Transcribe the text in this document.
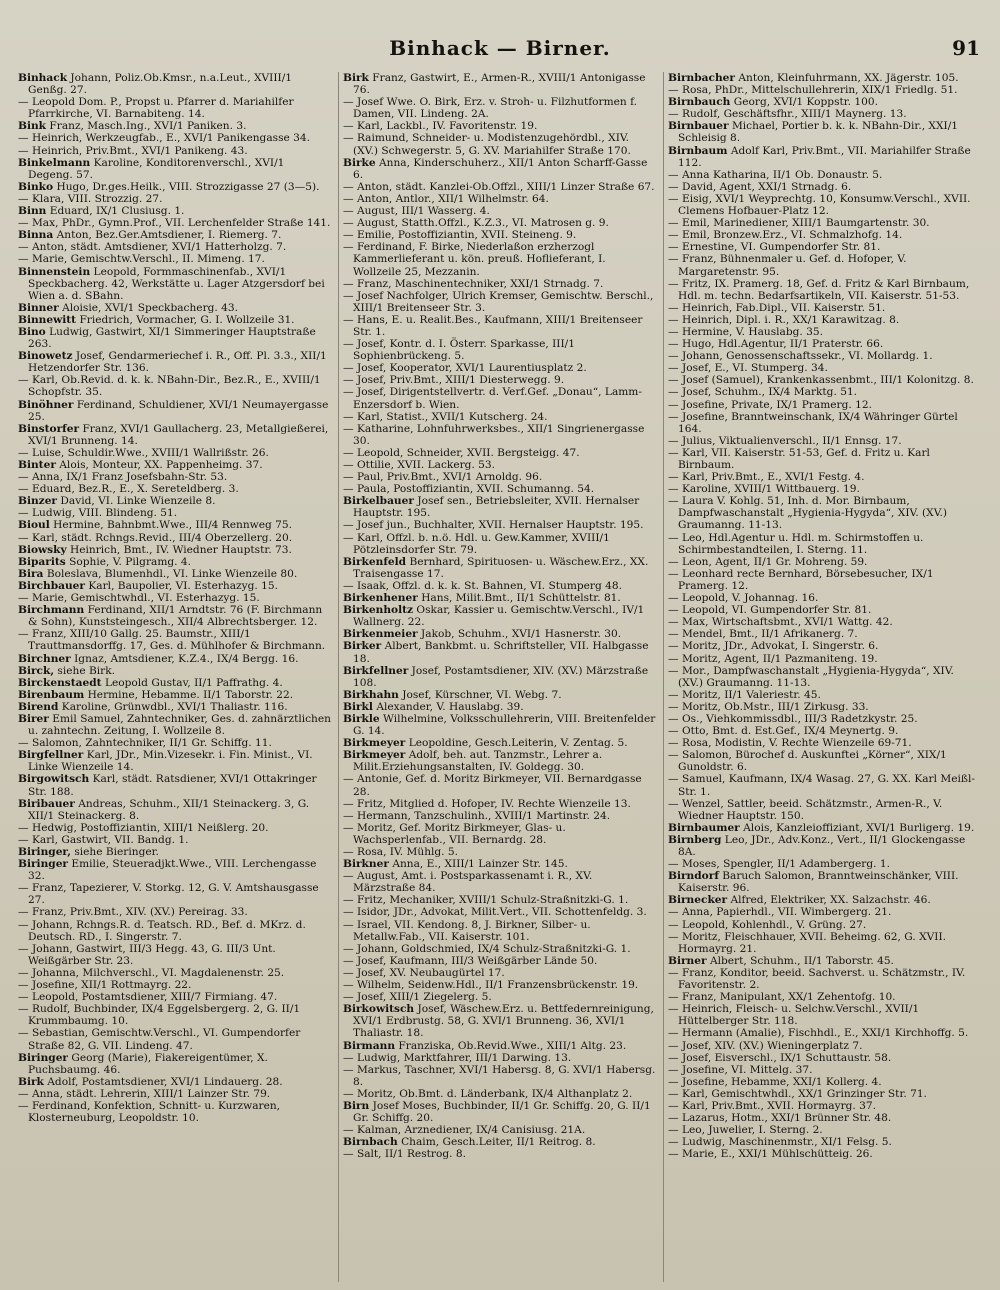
Binhack — Birner.	91

Binhack Johann, Poliz.Ob.Kmsr., n.a.Leut., XVIII/1 Genßg. 27.

— Leopold Dom. P., Propst u. Pfarrer d. Mariahilfer Pfarrkirche, VI. Barnabiteng. 14.

Bink Franz, Masch.Ing., XVI/1 Paniken. 3.

— Heinrich, Werkzeugfab., E., XVI/1 Panikengasse 34.

— Heinrich, Priv.Bmt., XVI/1 Panikeng. 43.

Binkelmann Karoline, Konditorenverschl., XVI/1 Degeng. 57.

Binko Hugo, Dr.ges.Heilk., VIII. Strozzigasse 27 (3—5).

— Klara, VIII. Strozzig. 27.

Binn Eduard, IX/1 Clusiusg. 1.

— Max, PhDr., Gymn.Prof., VII. Lerchenfelder Straße 141.

Binna Anton, Bez.Ger.Amtsdiener, I. Riemerg. 7.

— Anton, städt. Amtsdiener, XVI/1 Hatterholzg. 7.

— Marie, Gemischtw.Verschl., II. Mimeng. 17.

Binnenstein Leopold, Formmaschinenfab., XVI/1 Speckbacherg. 42, Werkstätte u. Lager Atzgersdorf bei Wien a. d. SBahn.

Binner Aloisie, XVI/1 Speckbacherg. 43.

Binnewitt Friedrich, Vormacher, G. I. Wollzeile 31.

Bino Ludwig, Gastwirt, XI/1 Simmeringer Hauptstraße 263.

Binowetz Josef, Gendarmeriechef i. R., Off. Pl. 3.3., XII/1 Hetzendorfer Str. 136.

— Karl, Ob.Revid. d. k. k. NBahn-Dir., Bez.R., E., XVIII/1 Schopfstr. 35.

Binöhner Ferdinand, Schuldiener, XVI/1 Neumayergasse 25.

Binstorfer Franz, XVI/1 Gaullacherg. 23, Metallgießerei, XVI/1 Brunneng. 14.

— Luise, Schuldir.Wwe., XVIII/1 Wallrißstr. 26.

Binter Alois, Monteur, XX. Pappenheimg. 37.

— Anna, IX/1 Franz Josefsbahn-Str. 53.

— Eduard, Bez.R., E., X. Sereteldberg. 3.

Binzer David, VI. Linke Wienzeile 8.

— Ludwig, VIII. Blindeng. 51.

Bioul Hermine, Bahnbmt.Wwe., III/4 Rennweg 75.

— Karl, städt. Rchngs.Revid., III/4 Oberzellerg. 20.

Biowsky Heinrich, Bmt., IV. Wiedner Hauptstr. 73.

Biparits Sophie, V. Pilgramg. 4.

Bira Boleslava, Blumenhdl., VI. Linke Wienzeile 80.

Birchbauer Karl, Baupolier, VI. Esterhazyg. 15.

— Marie, Gemischtwhdl., VI. Esterhazyg. 15.

Birchmann Ferdinand, XII/1 Arndtstr. 76 (F. Birchmann & Sohn), Kunststeingesch., XII/4 Albrechtsberger. 12.

— Franz, XIII/10 Gallg. 25. Baumstr., XIII/1 Trauttmansdorffg. 17, Ges. d. Mühlhofer & Birchmann.

Birchner Ignaz, Amtsdiener, K.Z.4., IX/4 Bergg. 16.

Birck, siehe Birk.

Birckenstaedt Leopold Gustav, II/1 Paffrathg. 4.

Birenbaum Hermine, Hebamme. II/1 Taborstr. 22.

Birend Karoline, Grünwdbl., XVI/1 Thaliastr. 116.

Birer Emil Samuel, Zahntechniker, Ges. d. zahnärztlichen u. zahntechn. Zeitung, I. Wollzeile 8.

— Salomon, Zahntechniker, II/1 Gr. Schiffg. 11.

Birgfellner Karl, JDr., Min.Vizesekr. i. Fin. Minist., VI. Linke Wienzeile 14.

Birgowitsch Karl, städt. Ratsdiener, XVI/1 Ottakringer Str. 188.

Biribauer Andreas, Schuhm., XII/1 Steinackerg. 3, G. XII/1 Steinackerg. 8.

— Hedwig, Postoffiziantin, XIII/1 Neißlerg. 20.

— Karl, Gastwirt, VII. Bandg. 1.

Biringer, siehe Bieringer.

Biringer Emilie, Steueradjkt.Wwe., VIII. Lerchengasse 32.

— Franz, Tapezierer, V. Storkg. 12, G. V. Amtshausgasse 27.

— Franz, Priv.Bmt., XIV. (XV.) Pereirag. 33.

— Johann, Rchngs.R. d. Teatsch. RD., Bef. d. MKrz. d. Deutsch. RD., I. Singerstr. 7.

— Johann, Gastwirt, III/3 Hegg. 43, G. III/3 Unt. Weißgärber Str. 23.

— Johanna, Milchverschl., VI. Magdalenenstr. 25.

— Josefine, XII/1 Rottmayrg. 22.

— Leopold, Postamtsdiener, XIII/7 Firmiang. 47.

— Rudolf, Buchbinder, IX/4 Eggelsbergerg. 2, G. II/1 Krummbaumg. 10.

— Sebastian, Gemischtw.Verschl., VI. Gumpendorfer Straße 82, G. VII. Lindeng. 47.

Biringer Georg (Marie), Fiakereigentümer, X. Puchsbaumg. 46.

Birk Adolf, Postamtsdiener, XVI/1 Lindauerg. 28.

— Anna, städt. Lehrerin, XIII/1 Lainzer Str. 79.

— Ferdinand, Konfektion, Schnitt- u. Kurzwaren, Klosterneuburg, Leopoldstr. 10.

Birk Franz, Gastwirt, E., Armen-R., XVIII/1 Antonigasse 76.

— Josef Wwe. O. Birk, Erz. v. Stroh- u. Filzhutformen f. Damen, VII. Lindeng. 2A.

— Karl, Lackbl., IV. Favoritenstr. 19.

— Raimund, Schneider- u. Modistenzugehördbl., XIV. (XV.) Schwegerstr. 5, G. XV. Mariahilfer Straße 170.

Birke Anna, Kinderschuherz., XII/1 Anton Scharff-Gasse 6.

— Anton, städt. Kanzlei-Ob.Offzl., XIII/1 Linzer Straße 67.

— Anton, Antlor., XII/1 Wilhelmstr. 64.

— August, III/1 Wasserg. 4.

— August, Statth.Offzl., K.Z.3., VI. Matrosen g. 9.

— Emilie, Postoffiziantin, XVII. Steineng. 9.

— Ferdinand, F. Birke, Niederlaßon erzherzogl Kammerlieferant u. kön. preuß. Hoflieferant, I. Wollzeile 25, Mezzanin.

— Franz, Maschinentechniker, XXI/1 Strnadg. 7.

— Josef Nachfolger, Ulrich Kremser, Gemischtw. Berschl., XIII/1 Breitenseer Str. 3.

— Hans, E. u. Realit.Bes., Kaufmann, XIII/1 Breitenseer Str. 1.

— Josef, Kontr. d. I. Österr. Sparkasse, III/1 Sophienbrückeng. 5.

— Josef, Kooperator, XVI/1 Laurentiusplatz 2.

— Josef, Priv.Bmt., XIII/1 Diesterwegg. 9.

— Josef, Dirigentstellvertr. d. Verf.Gef. „Donau“, Lamm-Enzersdorf b. Wien.

— Karl, Statist., XVII/1 Kutscherg. 24.

— Katharine, Lohnfuhrwerksbes., XII/1 Singrienergasse 30.

— Leopold, Schneider, XVII. Bergsteigg. 47.

— Ottilie, XVII. Lackerg. 53.

— Paul, Priv.Bmt., XVI/1 Arnoldg. 96.

— Paula, Postoffiziantin, XVII. Schumanng. 54.

Birkelbauer Josef sen., Betriebsleiter, XVII. Hernalser Hauptstr. 195.

— Josef jun., Buchhalter, XVII. Hernalser Hauptstr. 195.

— Karl, Offzl. b. n.ö. Hdl. u. Gew.Kammer, XVIII/1 Pötzleinsdorfer Str. 79.

Birkenfeld Bernhard, Spirituosen- u. Wäschew.Erz., XX. Traisengasse 17.

— Isaak, Offzl. d. k. k. St. Bahnen, VI. Stumperg 48.

Birkenhener Hans, Milit.Bmt., II/1 Schüttelstr. 81.

Birkenholtz Oskar, Kassier u. Gemischtw.Verschl., IV/1 Wallnerg. 22.

Birkenmeier Jakob, Schuhm., XVI/1 Hasnerstr. 30.

Birker Albert, Bankbmt. u. Schriftsteller, VII. Halbgasse 18.

Birkfellner Josef, Postamtsdiener, XIV. (XV.) Märzstraße 108.

Birkhahn Josef, Kürschner, VI. Webg. 7.

Birkl Alexander, V. Hauslabg. 39.

Birkle Wilhelmine, Volksschullehrerin, VIII. Breitenfelder G. 14.

Birkmeyer Leopoldine, Gesch.Leiterin, V. Zentag. 5.

Birkmeyer Adolf, beh. aut. Tanzmstr., Lehrer a. Milit.Erziehungsanstalten, IV. Goldegg. 30.

— Antonie, Gef. d. Moritz Birkmeyer, VII. Bernardgasse 28.

— Fritz, Mitglied d. Hofoper, IV. Rechte Wienzeile 13.

— Hermann, Tanzschulinh., XVIII/1 Martinstr. 24.

— Moritz, Gef. Moritz Birkmeyer, Glas- u. Wachsperlenfab., VII. Bernardg. 28.

— Rosa, IV. Mühlg. 5.

Birkner Anna, E., XIII/1 Lainzer Str. 145.

— August, Amt. i. Postsparkassenamt i. R., XV. Märzstraße 84.

— Fritz, Mechaniker, XVIII/1 Schulz-Straßnitzki-G. 1.

— Isidor, JDr., Advokat, Milit.Vert., VII. Schottenfeldg. 3.

— Israel, VII. Kendong. 8, J. Birkner, Silber- u. Metallw.Fab., VII. Kaiserstr. 101.

— Johann, Goldschmied, IX/4 Schulz-Straßnitzki-G. 1.

— Josef, Kaufmann, III/3 Weißgärber Lände 50.

— Josef, XV. Neubaugürtel 17.

— Wilhelm, Seidenw.Hdl., II/1 Franzensbrückenstr. 19.

— Josef, XIII/1 Ziegelerg. 5.

Birkowitsch Josef, Wäschew.Erz. u. Bettfedernreinigung, XVI/1 Erdbrustg. 58, G. XVI/1 Brunneng. 36, XVI/1 Thaliastr. 18.

Birmann Franziska, Ob.Revid.Wwe., XIII/1 Altg. 23.

— Ludwig, Marktfahrer, III/1 Darwing. 13.

— Markus, Taschner, XVI/1 Habersg. 8, G. XVI/1 Habersg. 8.

— Moritz, Ob.Bmt. d. Länderbank, IX/4 Althanplatz 2.

Birn Josef Moses, Buchbinder, II/1 Gr. Schiffg. 20, G. II/1 Gr. Schiffg. 20.

— Kalman, Arznediener, IX/4 Canisiusg. 21A.

Birnbach Chaim, Gesch.Leiter, II/1 Reitrog. 8.

— Salt, II/1 Restrog. 8.

Birnbacher Anton, Kleinfuhrmann, XX. Jägerstr. 105.

— Rosa, PhDr., Mittelschullehrerin, XIX/1 Friedlg. 51.

Birnbauch Georg, XVI/1 Koppstr. 100.

— Rudolf, Geschäftsfhr., XIII/1 Maynerg. 13.

Birnbauer Michael, Portier b. k. k. NBahn-Dir., XXI/1 Schleisig 8.

Birnbaum Adolf Karl, Priv.Bmt., VII. Mariahilfer Straße 112.

— Anna Katharina, II/1 Ob. Donaustr. 5.

— David, Agent, XXI/1 Strnadg. 6.

— Eisig, XVI/1 Weyprechtg. 10, Konsumw.Verschl., XVII. Clemens Hofbauer-Platz 12.

— Emil, Marinediener, XIII/1 Baumgartenstr. 30.

— Emil, Bronzew.Erz., VI. Schmalzhofg. 14.

— Ernestine, VI. Gumpendorfer Str. 81.

— Franz, Bühnenmaler u. Gef. d. Hofoper, V. Margaretenstr. 95.

— Fritz, IX. Pramerg. 18, Gef. d. Fritz & Karl Birnbaum, Hdl. m. techn. Bedarfsartikeln, VII. Kaiserstr. 51-53.

— Heinrich, Fab.Dipl., VII. Kaiserstr. 51.

— Heinrich, Dipl. i. R., XX/1 Karawitzag. 8.

— Hermine, V. Hauslabg. 35.

— Hugo, Hdl.Agentur, II/1 Praterstr. 66.

— Johann, Genossenschaftssekr., VI. Mollardg. 1.

— Josef, E., VI. Stumperg. 34.

— Josef (Samuel), Krankenkassenbmt., III/1 Kolonitzg. 8.

— Josef, Schuhm., IX/4 Marktg. 51.

— Josefine, Private, IX/1 Pramerg. 12.

— Josefine, Branntweinschank, IX/4 Währinger Gürtel 164.

— Julius, Viktualienverschl., II/1 Ennsg. 17.

— Karl, VII. Kaiserstr. 51-53, Gef. d. Fritz u. Karl Birnbaum.

— Karl, Priv.Bmt., E., XVI/1 Festg. 4.

— Karoline, XVIII/1 Wittbauerg. 19.

— Laura V. Kohlg. 51, Inh. d. Mor. Birnbaum, Dampfwaschanstalt „Hygienia-Hygyda“, XIV. (XV.) Graumanng. 11-13.

— Leo, Hdl.Agentur u. Hdl. m. Schirmstoffen u. Schirmbestandteilen, I. Sterng. 11.

— Leon, Agent, II/1 Gr. Mohreng. 59.

— Leonhard recte Bernhard, Börsebesucher, IX/1 Pramerg. 12.

— Leopold, V. Johannag. 16.

— Leopold, VI. Gumpendorfer Str. 81.

— Max, Wirtschaftsbmt., XVI/1 Wattg. 42.

— Mendel, Bmt., II/1 Afrikanerg. 7.

— Moritz, JDr., Advokat, I. Singerstr. 6.

— Moritz, Agent, II/1 Pazmaniteng. 19.

— Mor., Dampfwaschanstalt „Hygienia-Hygyda“, XIV. (XV.) Graumanng. 11-13.

— Moritz, II/1 Valeriestr. 45.

— Moritz, Ob.Mstr., III/1 Zirkusg. 33.

— Os., Viehkommissdbl., III/3 Radetzkystr. 25.

— Otto, Bmt. d. Est.Gef., IX/4 Meynertg. 9.

— Rosa, Modistin, V. Rechte Wienzeile 69-71.

— Salomon, Bürochef d. Auskunftei „Körner“, XIX/1 Gunoldstr. 6.

— Samuel, Kaufmann, IX/4 Wasag. 27, G. XX. Karl Meißl-Str. 1.

— Wenzel, Sattler, beeid. Schätzmstr., Armen-R., V. Wiedner Hauptstr. 150.

Birnbaumer Alois, Kanzleioffiziant, XVI/1 Burligerg. 19.

Birnberg Leo, JDr., Adv.Konz., Vert., II/1 Glockengasse 8A.

— Moses, Spengler, II/1 Adambergerg. 1.

Birndorf Baruch Salomon, Branntweinschänker, VIII. Kaiserstr. 96.

Birnecker Alfred, Elektriker, XX. Salzachstr. 46.

— Anna, Papierhdl., VII. Wimbergerg. 21.

— Leopold, Kohlenhdl., V. Grüng. 27.

— Moritz, Fleischhauer, XVII. Beheimg. 62, G. XVII. Hormayrg. 21.

Birner Albert, Schuhm., II/1 Taborstr. 45.

— Franz, Konditor, beeid. Sachverst. u. Schätzmstr., IV. Favoritenstr. 2.

— Franz, Manipulant, XX/1 Zehentofg. 10.

— Heinrich, Fleisch- u. Selchw.Verschl., XVII/1 Hüttelberger Str. 118.

— Hermann (Amalie), Fischhdl., E., XXI/1 Kirchhoffg. 5.

— Josef, XIV. (XV.) Wieningerplatz 7.

— Josef, Eisverschl., IX/1 Schuttaustr. 58.

— Josefine, VI. Mittelg. 37.

— Josefine, Hebamme, XXI/1 Kollerg. 4.

— Karl, Gemischtwhdl., XX/1 Grinzinger Str. 71.

— Karl, Priv.Bmt., XVII. Hormayrg. 37.

— Lazarus, Hotm., XXI/1 Brünner Str. 48.

— Leo, Juwelier, I. Sterng. 2.

— Ludwig, Maschinenmstr., XI/1 Felsg. 5.

— Marie, E., XXI/1 Mühlschütteig. 26.
